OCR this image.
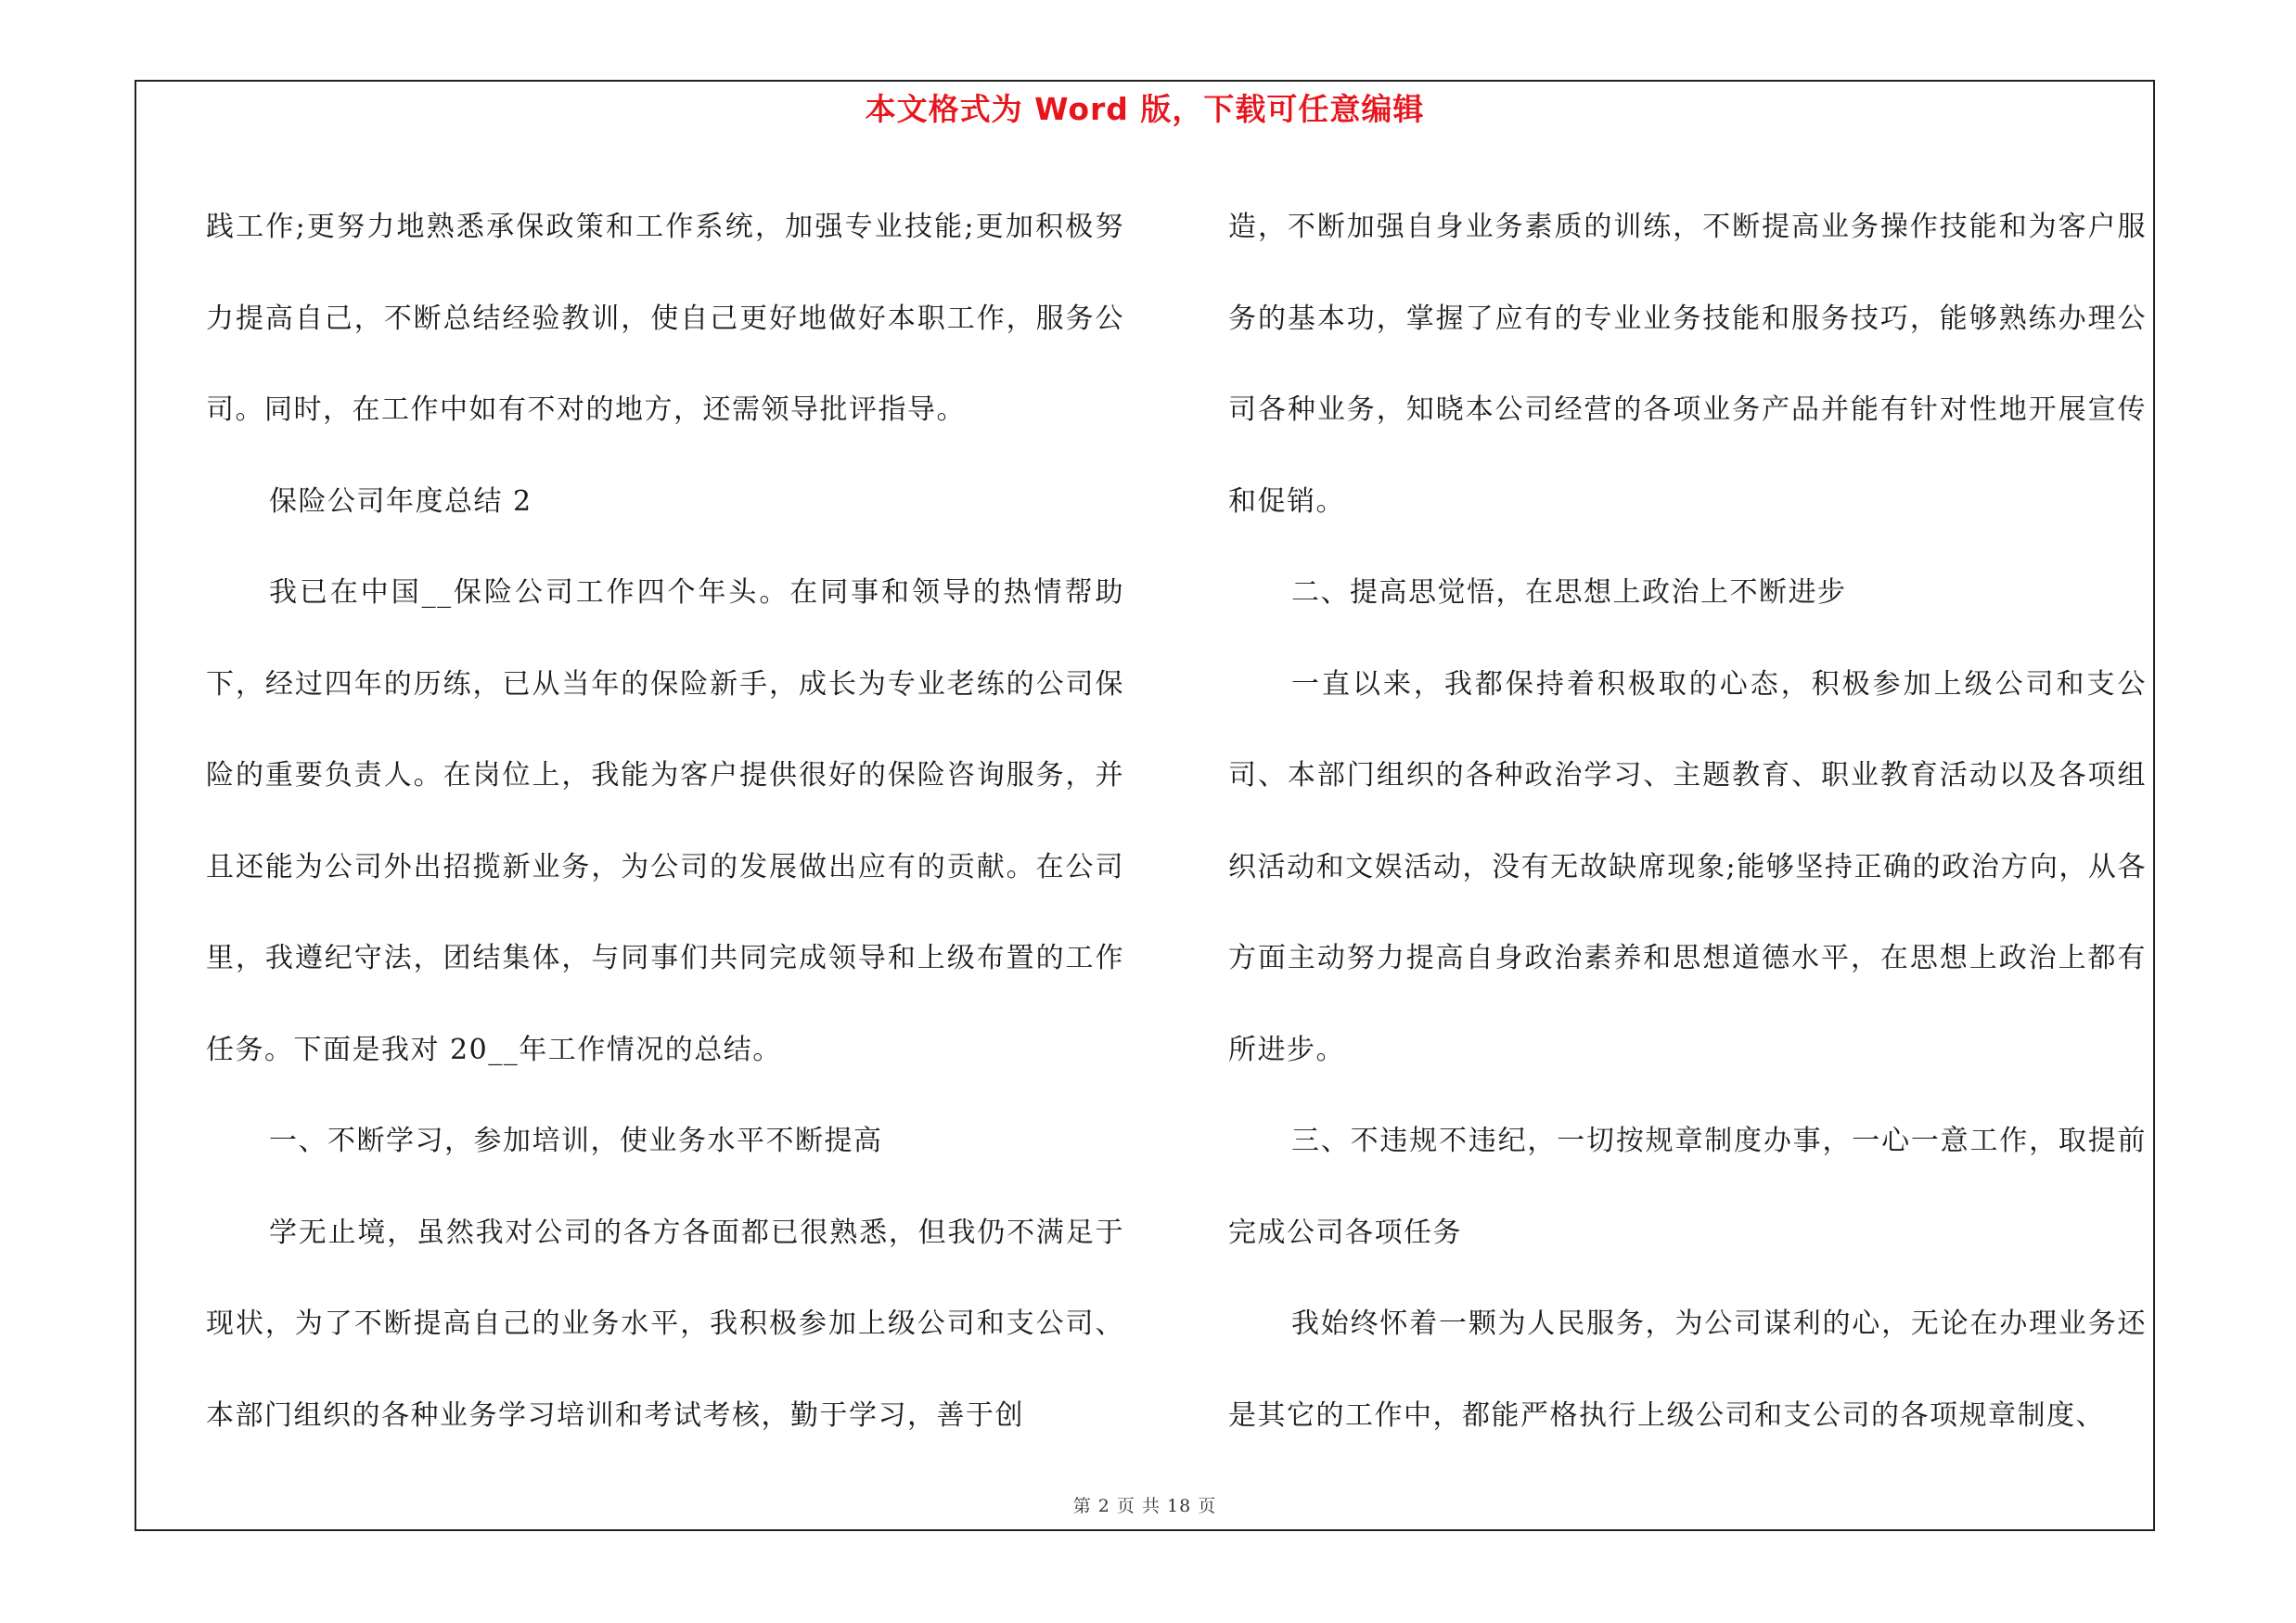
本文格式为 Word 版，下载可任意编辑

践工作;更努力地熟悉承保政策和工作系统，加强专业技能;更加积极努力提高自己，不断总结经验教训，使自己更好地做好本职工作，服务公司。同时，在工作中如有不对的地方，还需领导批评指导。

保险公司年度总结 2

我已在中国__保险公司工作四个年头。在同事和领导的热情帮助下，经过四年的历练，已从当年的保险新手，成长为专业老练的公司保险的重要负责人。在岗位上，我能为客户提供很好的保险咨询服务，并且还能为公司外出招揽新业务，为公司的发展做出应有的贡献。在公司里，我遵纪守法，团结集体，与同事们共同完成领导和上级布置的工作任务。下面是我对 20__年工作情况的总结。

一、不断学习，参加培训，使业务水平不断提高

学无止境，虽然我对公司的各方各面都已很熟悉，但我仍不满足于现状，为了不断提高自己的业务水平，我积极参加上级公司和支公司、本部门组织的各种业务学习培训和考试考核，勤于学习，善于创

造，不断加强自身业务素质的训练，不断提高业务操作技能和为客户服务的基本功，掌握了应有的专业业务技能和服务技巧，能够熟练办理公司各种业务，知晓本公司经营的各项业务产品并能有针对性地开展宣传和促销。

二、提高思觉悟，在思想上政治上不断进步

一直以来，我都保持着积极取的心态，积极参加上级公司和支公司、本部门组织的各种政治学习、主题教育、职业教育活动以及各项组织活动和文娱活动，没有无故缺席现象;能够坚持正确的政治方向，从各方面主动努力提高自身政治素养和思想道德水平，在思想上政治上都有所进步。

三、不违规不违纪，一切按规章制度办事，一心一意工作，取提前完成公司各项任务

我始终怀着一颗为人民服务，为公司谋利的心，无论在办理业务还是其它的工作中，都能严格执行上级公司和支公司的各项规章制度、

第 2 页 共 18 页
